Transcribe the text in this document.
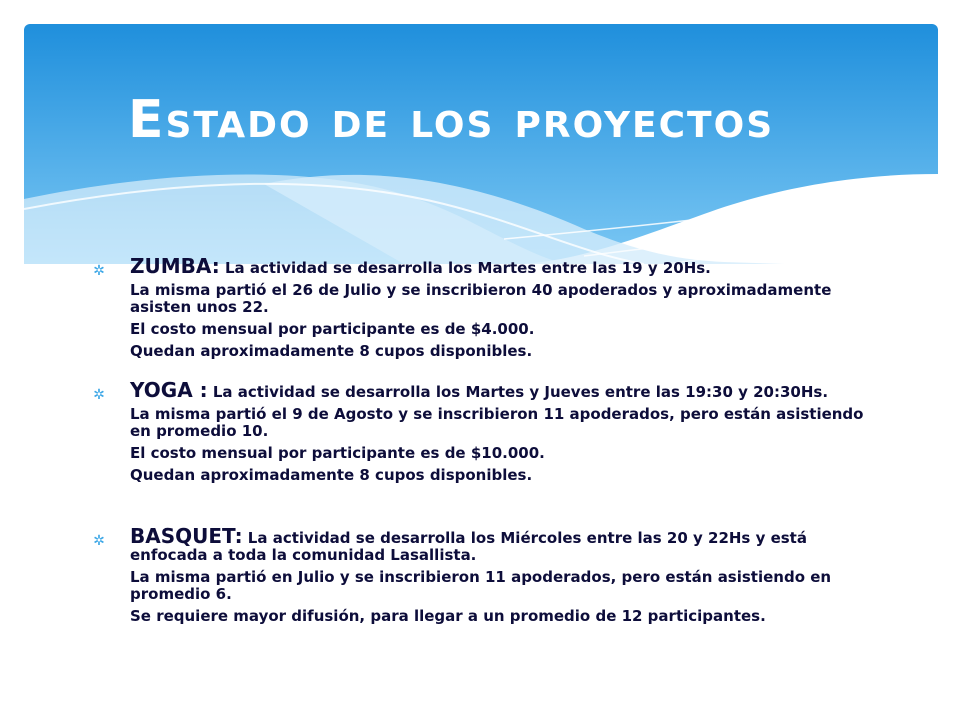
Estado de los proyectos
✲ ZUMBA: La actividad se desarrolla los Martes entre las 19 y 20Hs.
La misma partió el 26 de Julio y se inscribieron 40 apoderados y aproximadamente asisten unos 22.
El costo mensual por participante es de $4.000.
Quedan aproximadamente 8 cupos disponibles.
✲ YOGA : La actividad se desarrolla los Martes y Jueves entre las 19:30 y 20:30Hs.
La misma partió el 9 de Agosto y se inscribieron 11 apoderados, pero están asistiendo en promedio 10.
El costo mensual por participante es de $10.000.
Quedan aproximadamente 8 cupos disponibles.
✲ BASQUET: La actividad se desarrolla los Miércoles entre las 20 y 22Hs y está enfocada a toda la comunidad Lasallista.
La misma partió en Julio y se inscribieron 11 apoderados, pero están asistiendo en promedio 6.
Se requiere mayor difusión, para llegar a un promedio de 12 participantes.
